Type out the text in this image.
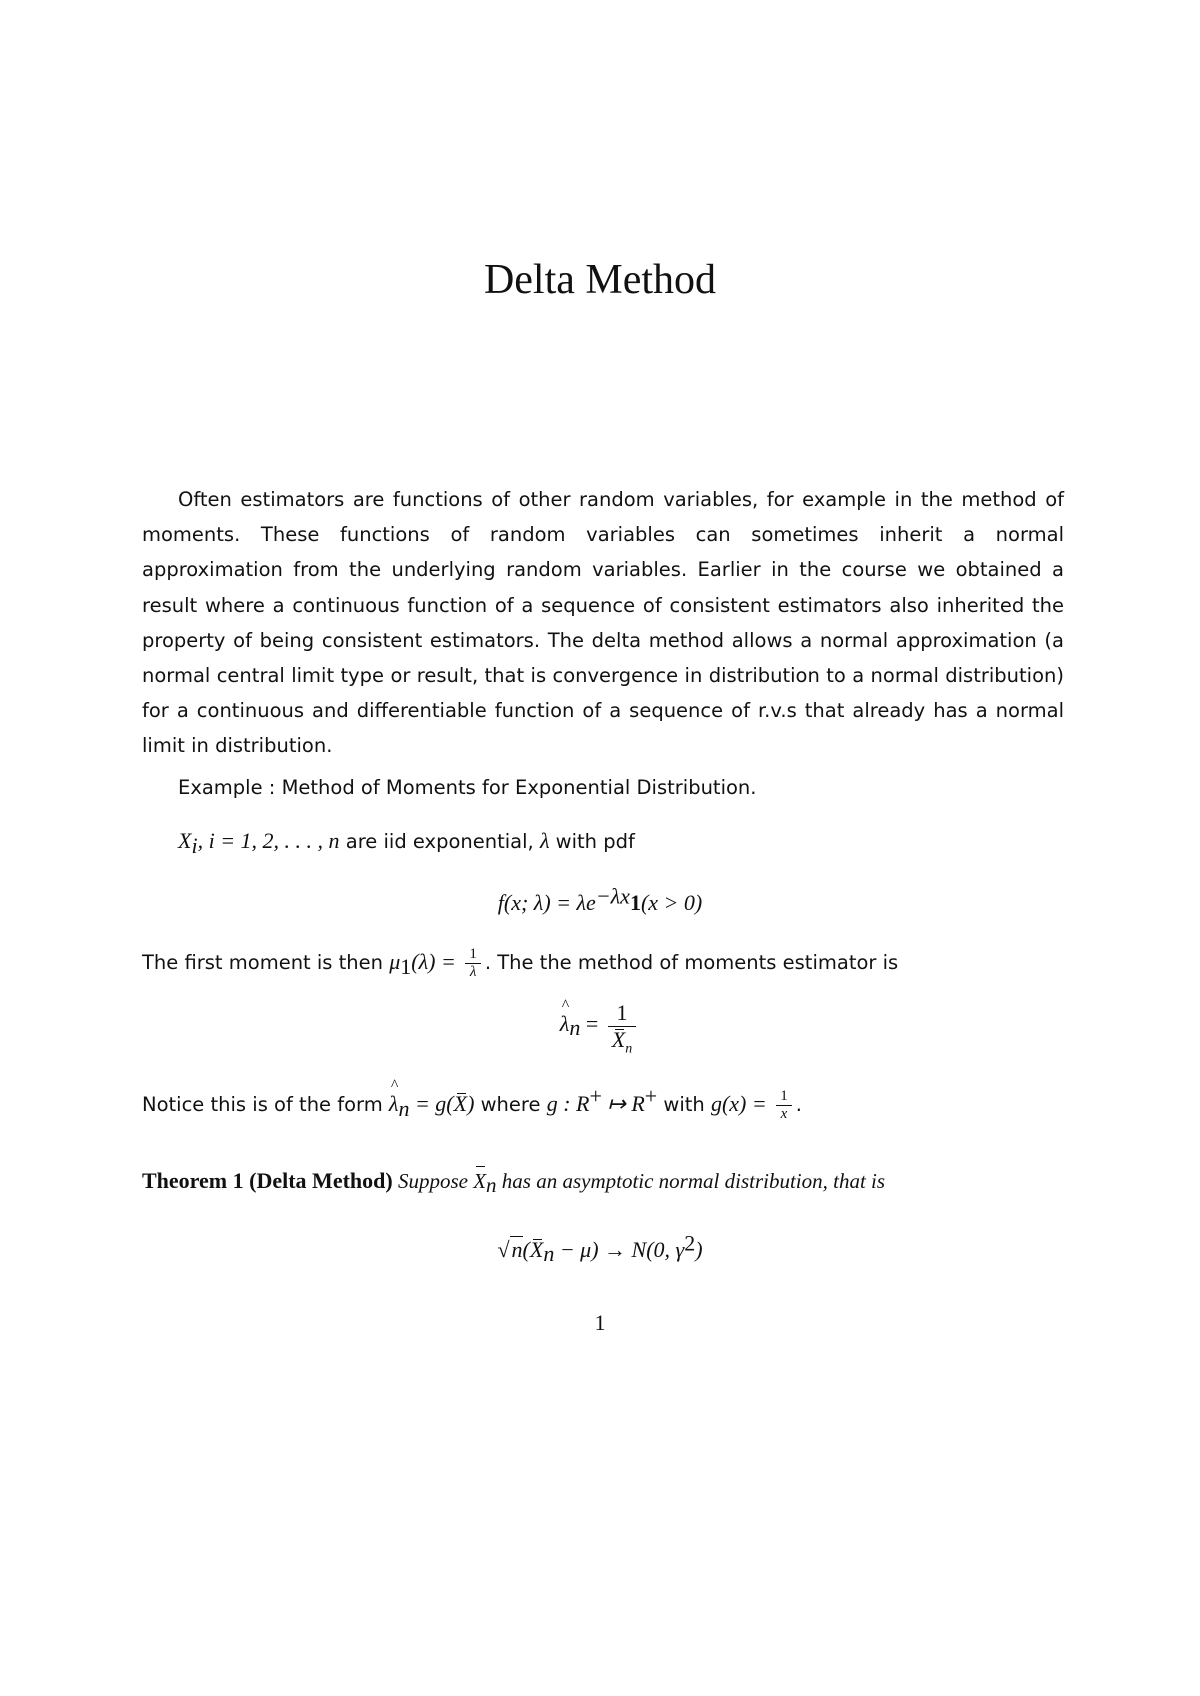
Delta Method

Often estimators are functions of other random variables, for example in the method of moments. These functions of random variables can sometimes inherit a normal approximation from the underlying random variables. Earlier in the course we obtained a result where a continuous function of a sequence of consistent estimators also inherited the property of being consistent estimators. The delta method allows a normal approximation (a normal central limit type or result, that is convergence in distribution to a normal distribution) for a continuous and differentiable function of a sequence of r.v.s that already has a normal limit in distribution.

Example : Method of Moments for Exponential Distribution.

$X_i$, i = 1, 2, . . . , n are iid exponential, λ with pdf

f(x; $\lambda) = \lambda e^{-\lambda x}1(x > 0)$

The first moment is then $\mu_1(\lambda) = \frac{1}{\lambda}$ . The the method of moments estimator is

^ $\lambda_n = \frac{1}{X_n}$

Notice this is of the form ^ $\lambda_n = g(X)$ where g : R+ ↦ R+ with $g(x) = \frac{1}{x}$ .

Theorem 1 (Delta Method) Suppose $X_n$ has an asymptotic normal distribution, that is

$√n(X_n - \mu) \to N(0$, $\gamma^2$)

1
